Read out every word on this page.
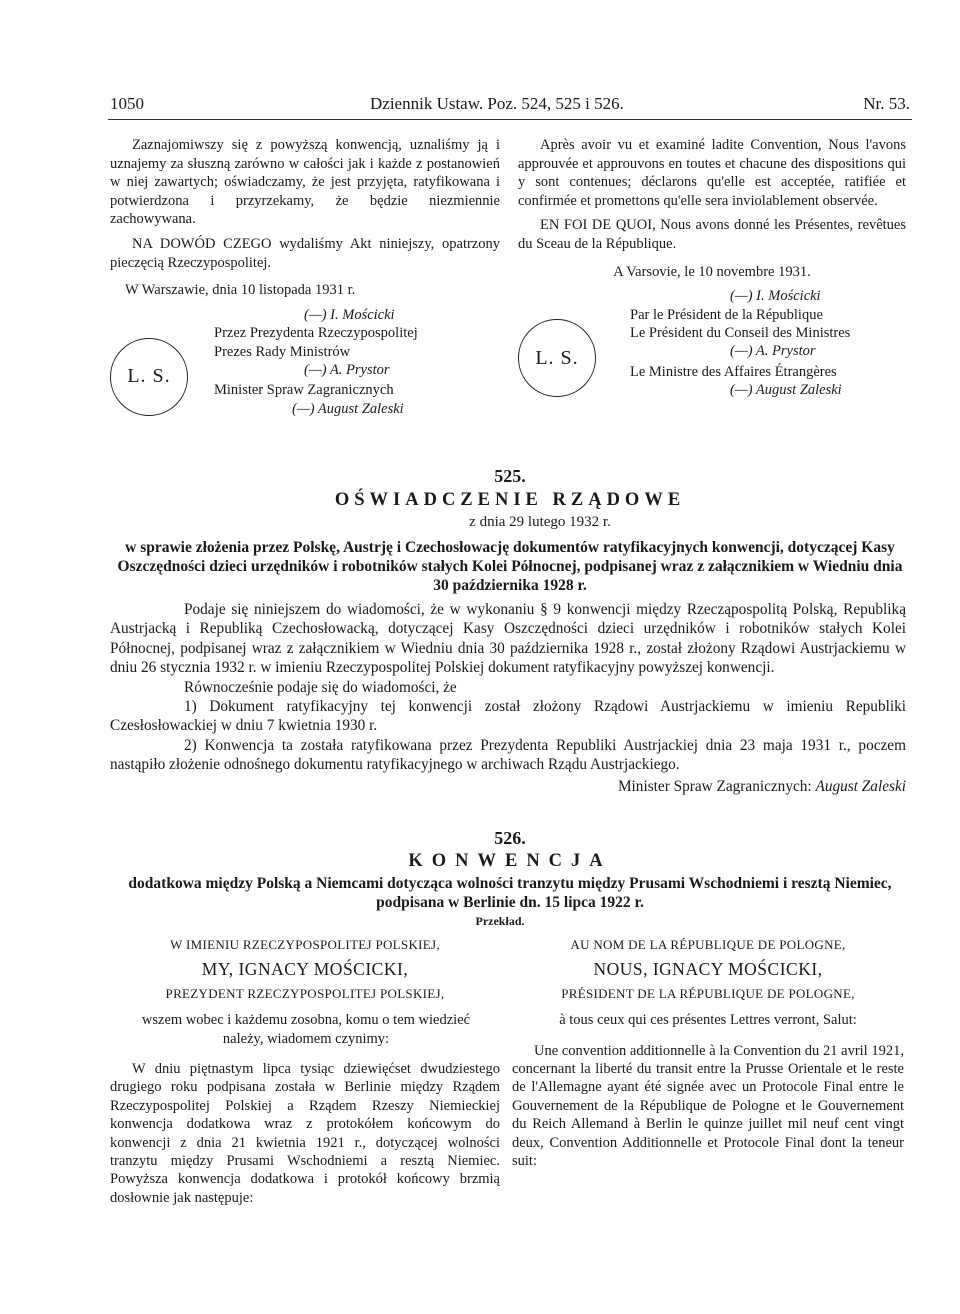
1050	Dziennik Ustaw. Poz. 524, 525 i 526.	Nr. 53.

Zaznajomiwszy się z powyższą konwencją, uznaliśmy ją i uznajemy za słuszną zarówno w całości jak i każde z postanowień w niej zawartych; oświadczamy, że jest przyjęta, ratyfikowana i potwierdzona i przyrzekamy, że będzie niezmiennie zachowywana.

NA DOWÓD CZEGO wydaliśmy Akt niniejszy, opatrzony pieczęcią Rzeczypospolitej.

W Warszawie, dnia 10 listopada 1931 r.

L. S.
(—) I. Mościcki
Przez Prezydenta Rzeczypospolitej
Prezes Rady Ministrów
(—) A. Prystor
Minister Spraw Zagranicznych
(—) August Zaleski

Après avoir vu et examiné ladite Convention, Nous l'avons approuvée et approuvons en toutes et chacune des dispositions qui y sont contenues; déclarons qu'elle est acceptée, ratifiée et confirmée et promettons qu'elle sera inviolablement observée.

EN FOI DE QUOI, Nous avons donné les Présentes, revêtues du Sceau de la République.

A Varsovie, le 10 novembre 1931.

L. S.
(—) I. Mościcki
Par le Président de la République
Le Président du Conseil des Ministres
(—) A. Prystor
Le Ministre des Affaires Étrangères
(—) August Zaleski
525.
OŚWIADCZENIE RZĄDOWE
z dnia 29 lutego 1932 r.
w sprawie złożenia przez Polskę, Austrję i Czechosłowację dokumentów ratyfikacyjnych konwencji, dotyczącej Kasy Oszczędności dzieci urzędników i robotników stałych Kolei Północnej, podpisanej wraz z załącznikiem w Wiedniu dnia 30 października 1928 r.

Podaje się niniejszem do wiadomości, że w wykonaniu § 9 konwencji między Rzecząpospolitą Polską, Republiką Austrjacką i Republiką Czechosłowacką, dotyczącej Kasy Oszczędności dzieci urzędników i robotników stałych Kolei Północnej, podpisanej wraz z załącznikiem w Wiedniu dnia 30 października 1928 r., został złożony Rządowi Austrjackiemu w dniu 26 stycznia 1932 r. w imieniu Rzeczypospolitej Polskiej dokument ratyfikacyjny powyższej konwencji.

Równocześnie podaje się do wiadomości, że

1) Dokument ratyfikacyjny tej konwencji został złożony Rządowi Austrjackiemu w imieniu Republiki Czesłosłowackiej w dniu 7 kwietnia 1930 r.

2) Konwencja ta została ratyfikowana przez Prezydenta Republiki Austrjackiej dnia 23 maja 1931 r., poczem nastąpiło złożenie odnośnego dokumentu ratyfikacyjnego w archiwach Rządu Austrjackiego.

Minister Spraw Zagranicznych: August Zaleski

526.
KONWENCJA
dodatkowa między Polską a Niemcami dotycząca wolności tranzytu między Prusami Wschodniemi i resztą Niemiec, podpisana w Berlinie dn. 15 lipca 1922 r.
Przekład.

W IMIENIU RZECZYPOSPOLITEJ POLSKIEJ,

MY, IGNACY MOŚCICKI,

PREZYDENT RZECZYPOSPOLITEJ POLSKIEJ,

wszem wobec i każdemu zosobna, komu o tem wiedzieć należy, wiadomem czynimy:

W dniu piętnastym lipca tysiąc dziewięćset dwudziestego drugiego roku podpisana została w Berlinie między Rządem Rzeczypospolitej Polskiej a Rządem Rzeszy Niemieckiej konwencja dodatkowa wraz z protokółem końcowym do konwencji z dnia 21 kwietnia 1921 r., dotyczącej wolności tranzytu między Prusami Wschodniemi a resztą Niemiec. Powyższa konwencja dodatkowa i protokół końcowy brzmią dosłownie jak następuje:

AU NOM DE LA RÉPUBLIQUE DE POLOGNE,

NOUS, IGNACY MOŚCICKI,

PRÉSIDENT DE LA RÉPUBLIQUE DE POLOGNE,

à tous ceux qui ces présentes Lettres verront, Salut:

Une convention additionnelle à la Convention du 21 avril 1921, concernant la liberté du transit entre la Prusse Orientale et le reste de l'Allemagne ayant été signée avec un Protocole Final entre le Gouvernement de la République de Pologne et le Gouvernement du Reich Allemand à Berlin le quinze juillet mil neuf cent vingt deux, Convention Additionnelle et Protocole Final dont la teneur suit:
